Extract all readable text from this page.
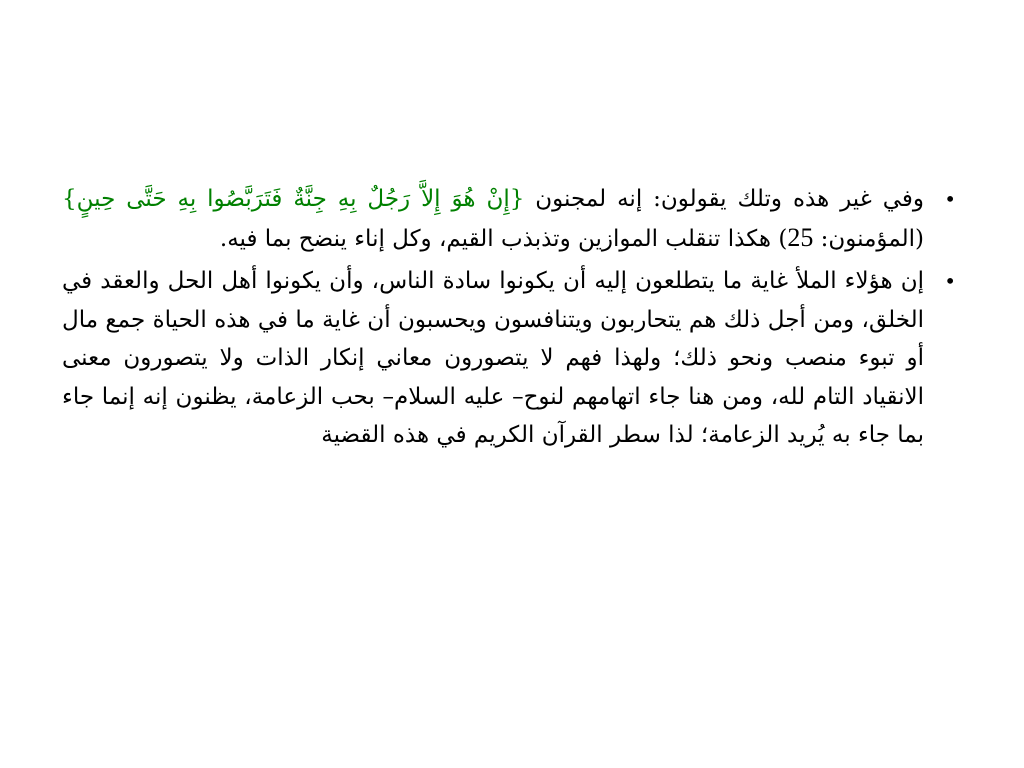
•
وفي غير هذه وتلك يقولون: إنه لمجنون {إِنْ هُوَ إِلاَّ رَجُلٌ بِهِ جِنَّةٌ فَتَرَبَّصُوا بِهِ حَتَّى حِينٍ} (المؤمنون: 25) هكذا تنقلب الموازين وتذبذب القيم، وكل إناء ينضح بما فيه.
•
إن هؤلاء الملأ غاية ما يتطلعون إليه أن يكونوا سادة الناس، وأن يكونوا أهل الحل والعقد في الخلق، ومن أجل ذلك هم يتحاربون ويتنافسون ويحسبون أن غاية ما في هذه الحياة جمع مال أو تبوء منصب ونحو ذلك؛ ولهذا فهم لا يتصورون معاني إنكار الذات ولا يتصورون معنى الانقياد التام لله، ومن هنا جاء اتهامهم لنوح– عليه السلام– بحب الزعامة، يظنون إنه إنما جاء بما جاء به يُريد الزعامة؛ لذا سطر القرآن الكريم في هذه القضية
